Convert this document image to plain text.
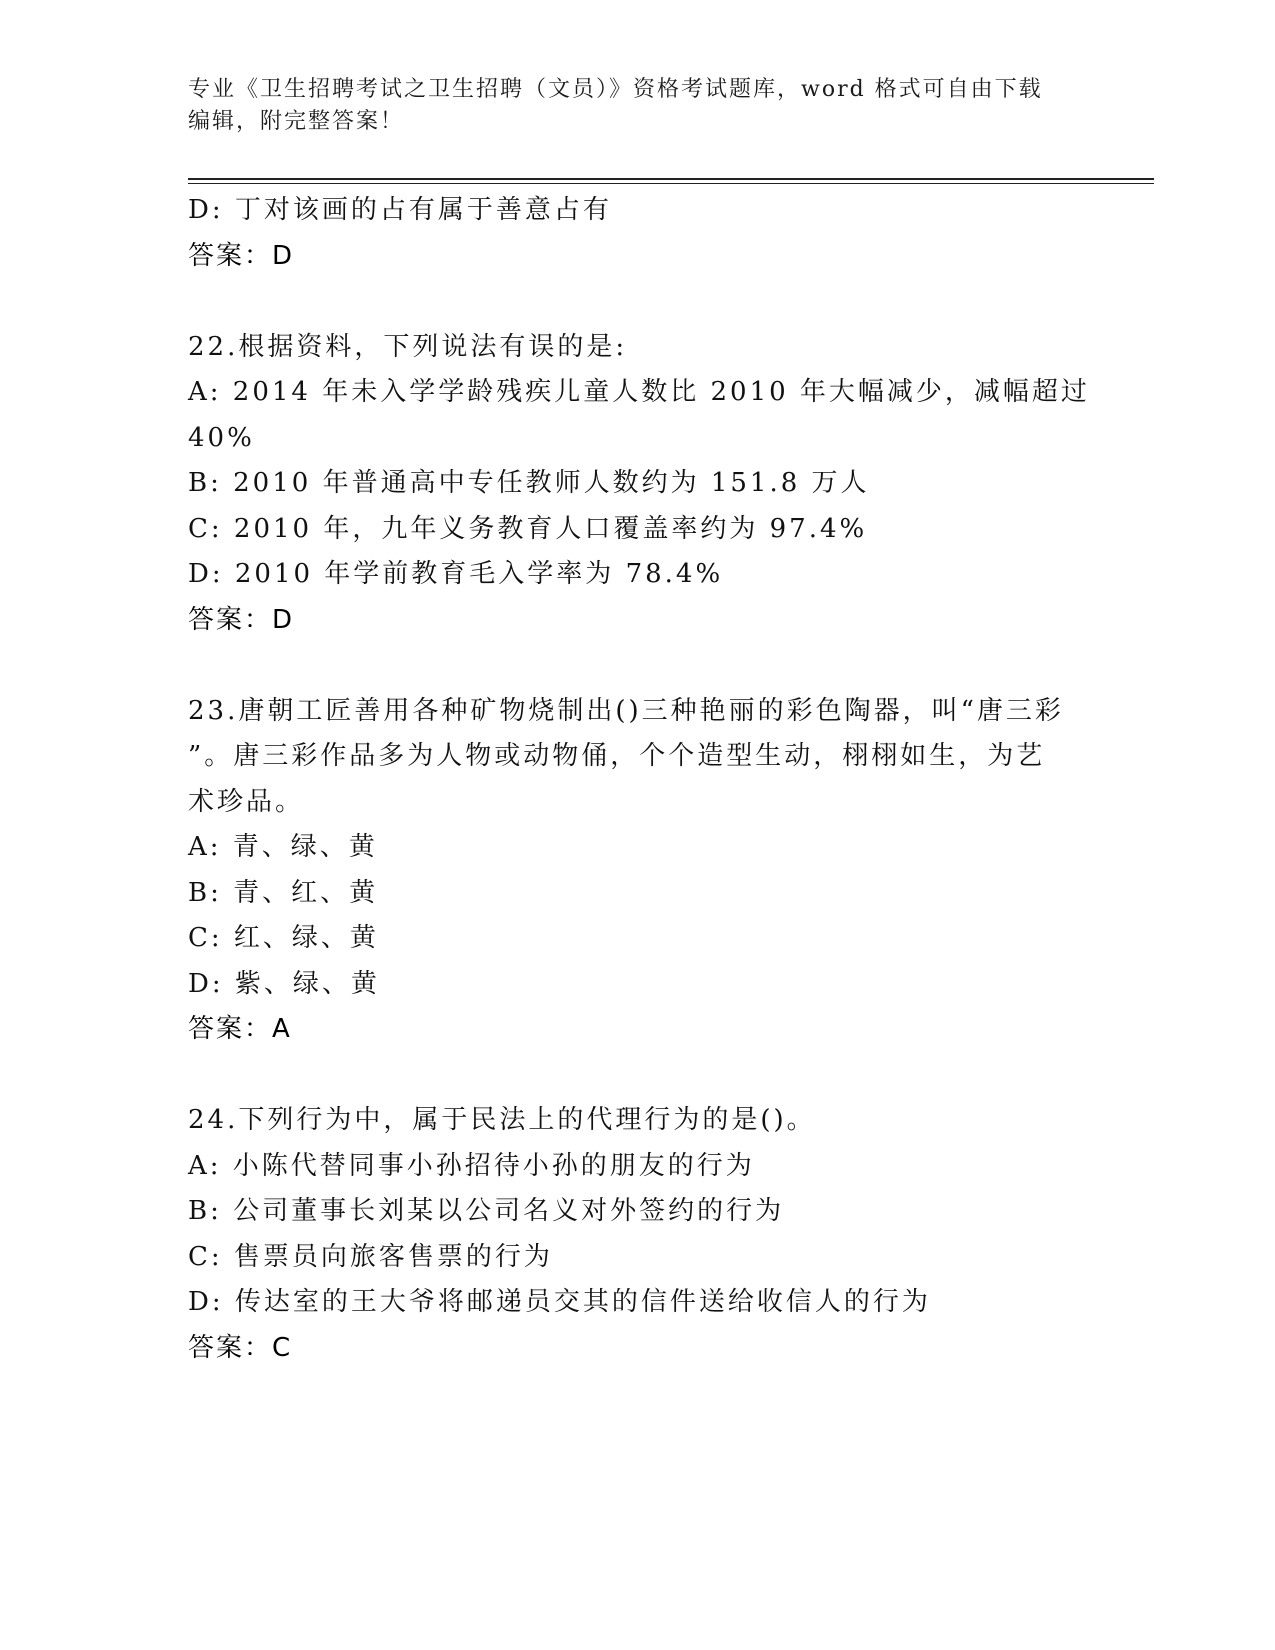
专业《卫生招聘考试之卫生招聘（文员）》资格考试题库，word 格式可自由下载
编辑，附完整答案！
D: 丁对该画的占有属于善意占有
答案：D
22.根据资料，下列说法有误的是:
A: 2014 年未入学学龄残疾儿童人数比 2010 年大幅减少，减幅超过
40%
B: 2010 年普通高中专任教师人数约为 151.8 万人
C: 2010 年，九年义务教育人口覆盖率约为 97.4%
D: 2010 年学前教育毛入学率为 78.4%
答案：D
23.唐朝工匠善用各种矿物烧制出()三种艳丽的彩色陶器，叫“唐三彩
”。唐三彩作品多为人物或动物俑，个个造型生动，栩栩如生，为艺
术珍品。
A: 青、绿、黄
B: 青、红、黄
C: 红、绿、黄
D: 紫、绿、黄
答案：A
24.下列行为中，属于民法上的代理行为的是()。
A: 小陈代替同事小孙招待小孙的朋友的行为
B: 公司董事长刘某以公司名义对外签约的行为
C: 售票员向旅客售票的行为
D: 传达室的王大爷将邮递员交其的信件送给收信人的行为
答案：C
